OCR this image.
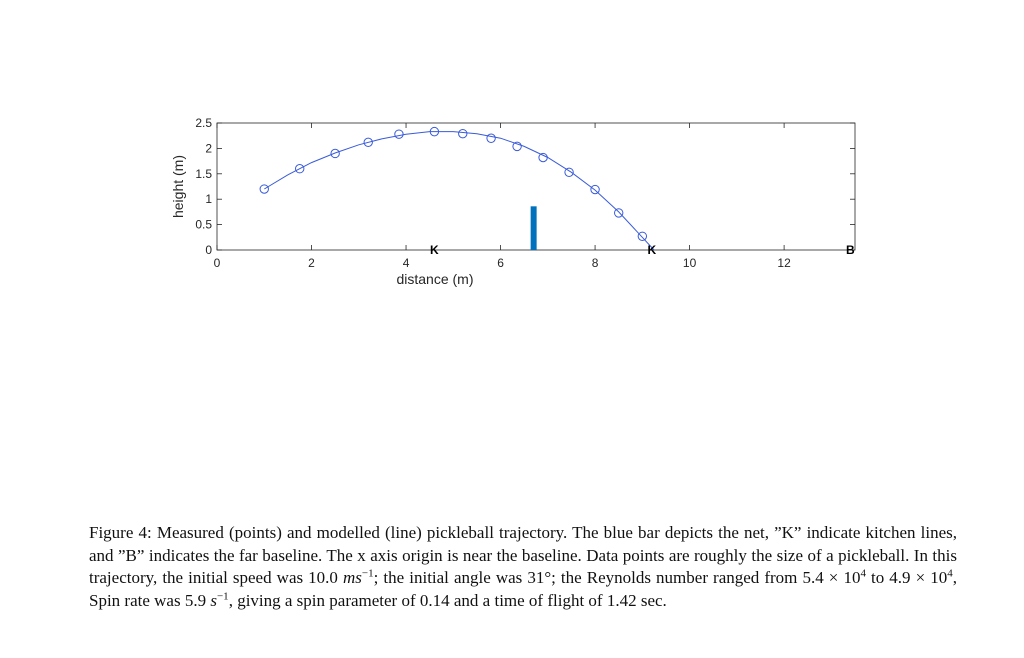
0	2	4	6	8	10	12
0
0.5
1
1.5
2
2.5
distance (m)
height (m)
K	K	B

Figure 4: Measured (points) and modelled (line) pickleball trajectory. The blue bar depicts the net, ”K” indicate kitchen lines, and ”B” indicates the far baseline. The x axis origin is near the baseline. Data points are roughly the size of a pickleball. In this trajectory, the initial speed was 10.0 $ms^{-1}$; the initial angle was 31°; the Reynolds number ranged from $5.4 \times 10^4$ to $4.9 \times 10^4$, Spin rate was 5.9 $s^{-1}$, giving a spin parameter of 0.14 and a time of flight of 1.42 sec.
